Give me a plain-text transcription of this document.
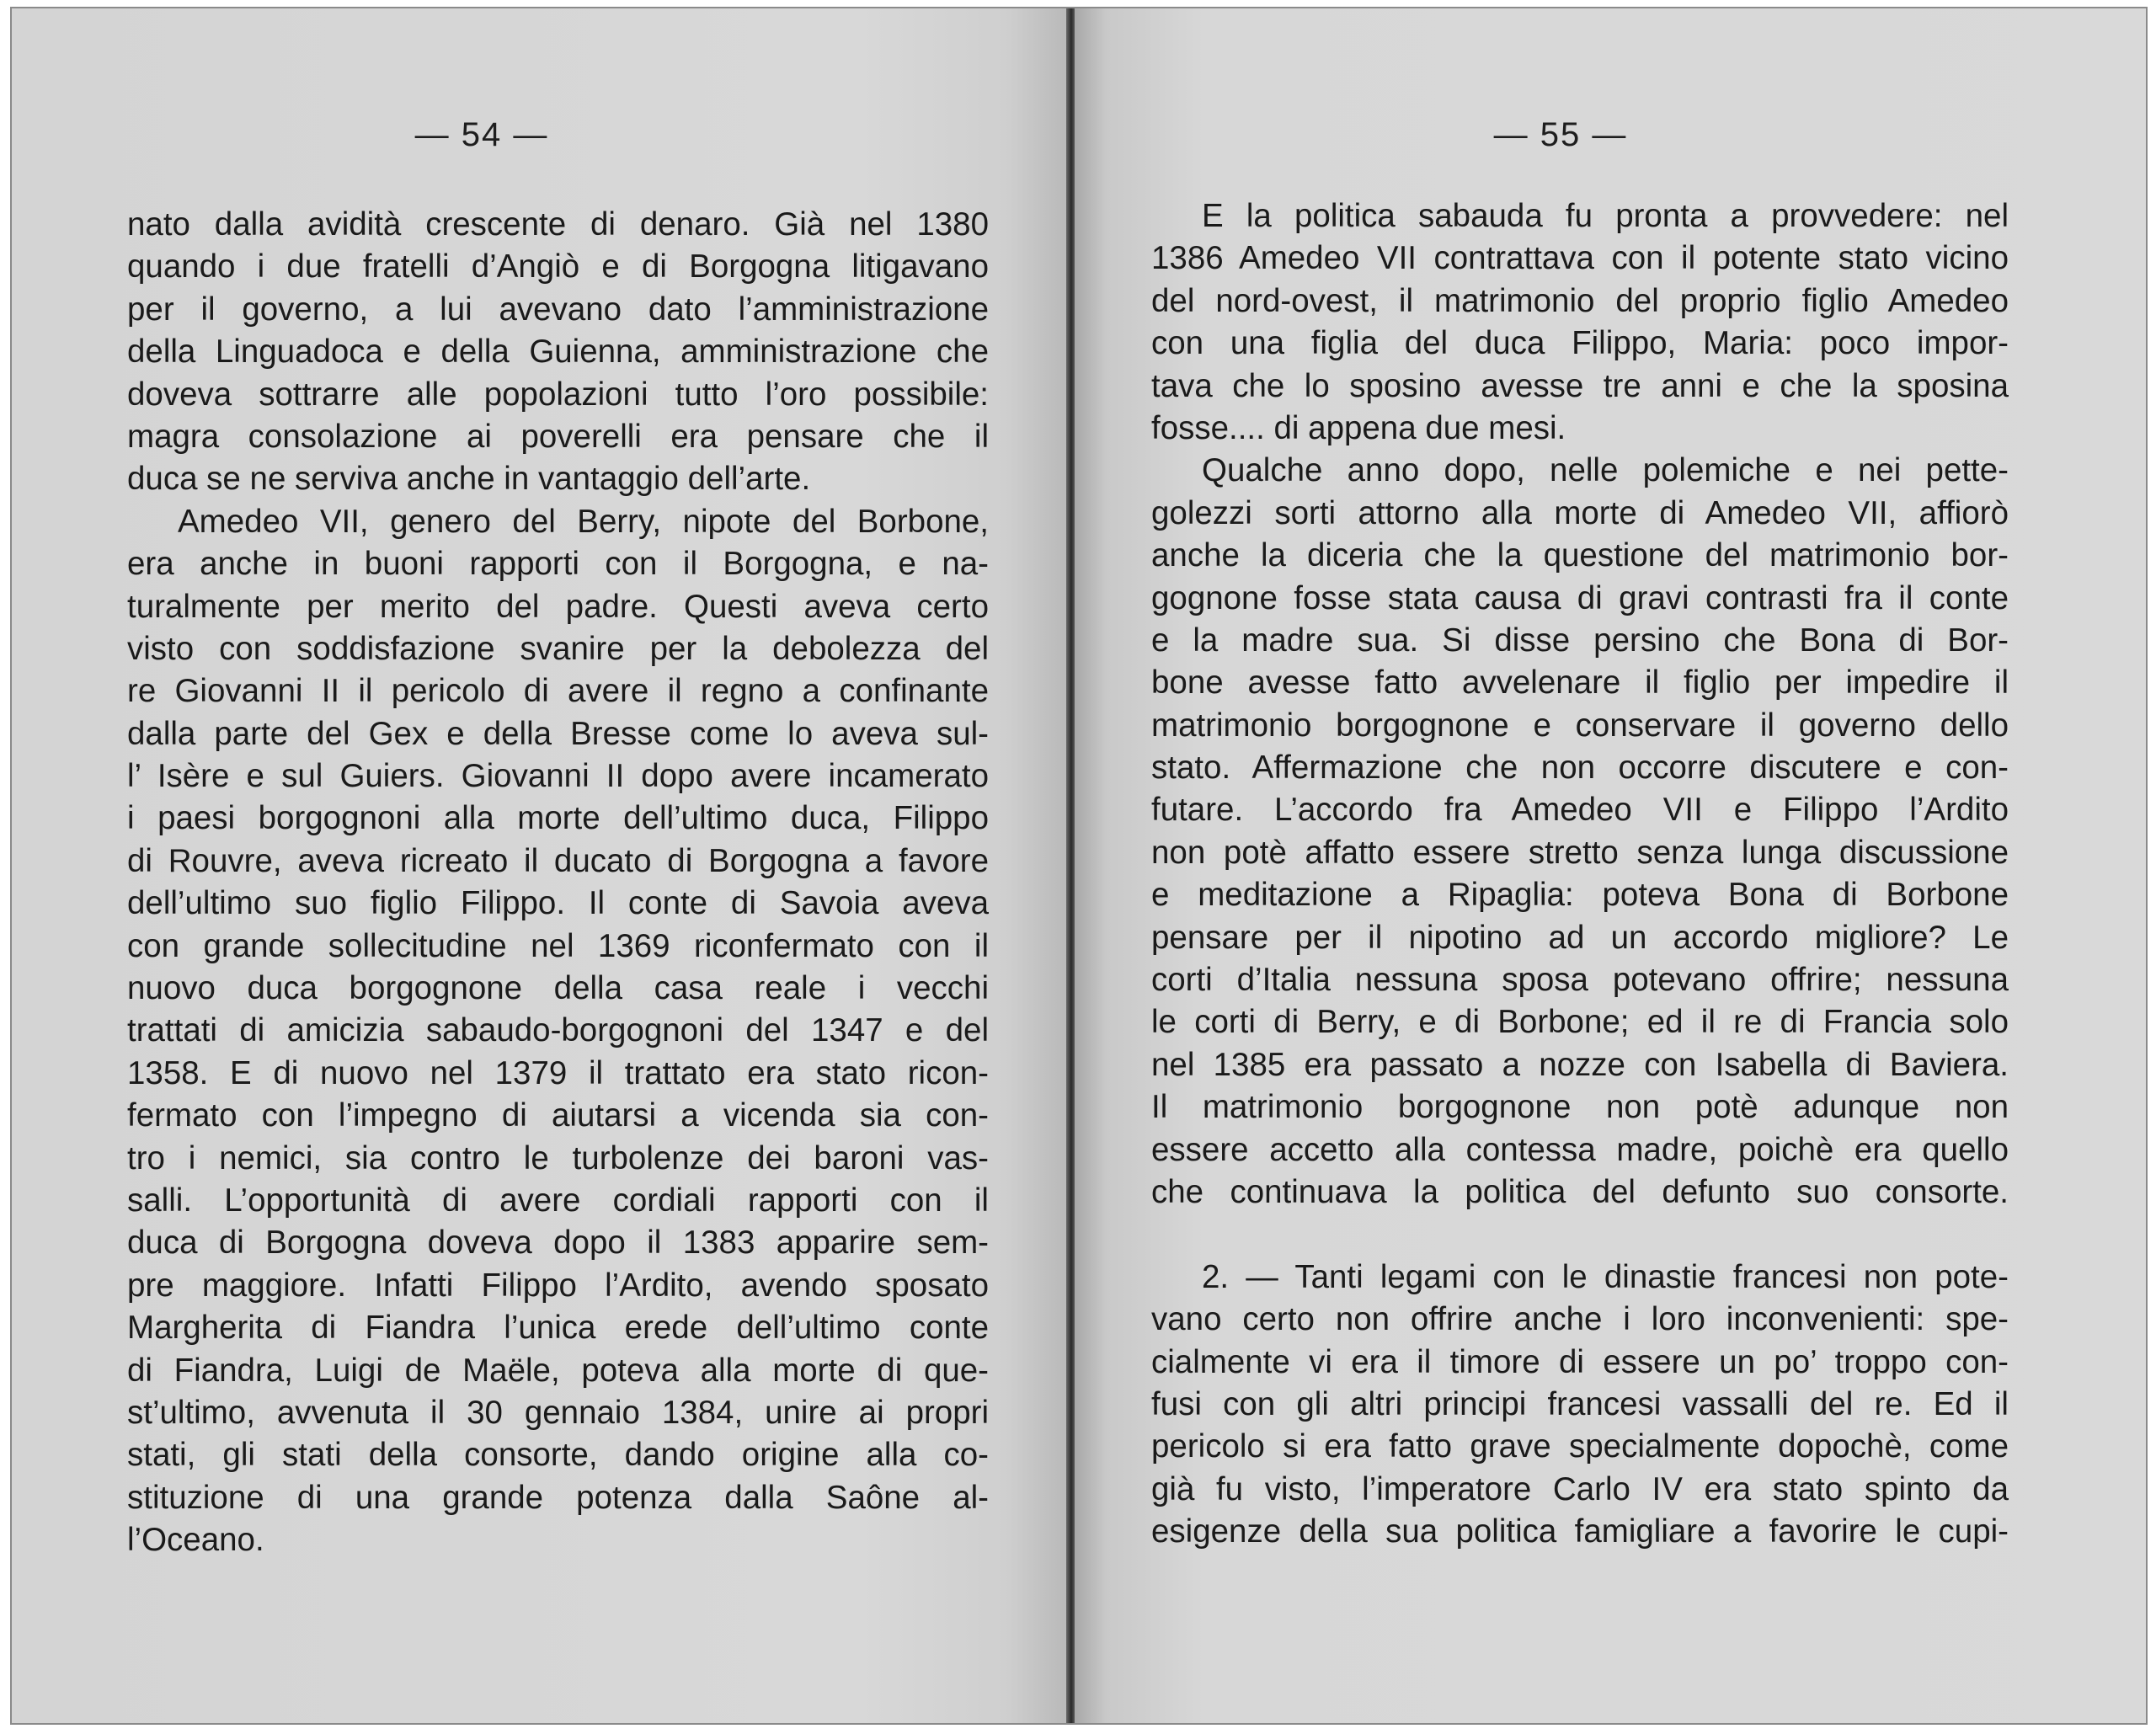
— 54 —
nato dalla avidità crescente di denaro. Già nel 1380
quando i due fratelli d’Angiò e di Borgogna litigavano
per il governo, a lui avevano dato l’amministrazione
della Linguadoca e della Guienna, amministrazione che
doveva sottrarre alle popolazioni tutto l’oro possibile:
magra consolazione ai poverelli era pensare che il
duca se ne serviva anche in vantaggio dell’arte.
Amedeo VII, genero del Berry, nipote del Borbone,
era anche in buoni rapporti con il Borgogna, e na-
turalmente per merito del padre. Questi aveva certo
visto con soddisfazione svanire per la debolezza del
re Giovanni II il pericolo di avere il regno a confinante
dalla parte del Gex e della Bresse come lo aveva sul-
l’ Isère e sul Guiers. Giovanni II dopo avere incamerato
i paesi borgognoni alla morte dell’ultimo duca, Filippo
di Rouvre, aveva ricreato il ducato di Borgogna a favore
dell’ultimo suo figlio Filippo. Il conte di Savoia aveva
con grande sollecitudine nel 1369 riconfermato con il
nuovo duca borgognone della casa reale i vecchi
trattati di amicizia sabaudo-borgognoni del 1347 e del
1358. E di nuovo nel 1379 il trattato era stato ricon-
fermato con l’impegno di aiutarsi a vicenda sia con-
tro i nemici, sia contro le turbolenze dei baroni vas-
salli. L’opportunità di avere cordiali rapporti con il
duca di Borgogna doveva dopo il 1383 apparire sem-
pre maggiore. Infatti Filippo l’Ardito, avendo sposato
Margherita di Fiandra l’unica erede dell’ultimo conte
di Fiandra, Luigi de Maële, poteva alla morte di que-
st’ultimo, avvenuta il 30 gennaio 1384, unire ai propri
stati, gli stati della consorte, dando origine alla co-
stituzione di una grande potenza dalla Saône al-
l’Oceano.
— 55 —
E la politica sabauda fu pronta a provvedere: nel
1386 Amedeo VII contrattava con il potente stato vicino
del nord-ovest, il matrimonio del proprio figlio Amedeo
con una figlia del duca Filippo, Maria: poco impor-
tava che lo sposino avesse tre anni e che la sposina
fosse.... di appena due mesi.
Qualche anno dopo, nelle polemiche e nei pette-
golezzi sorti attorno alla morte di Amedeo VII, affiorò
anche la diceria che la questione del matrimonio bor-
gognone fosse stata causa di gravi contrasti fra il conte
e la madre sua. Si disse persino che Bona di Bor-
bone avesse fatto avvelenare il figlio per impedire il
matrimonio borgognone e conservare il governo dello
stato. Affermazione che non occorre discutere e con-
futare. L’accordo fra Amedeo VII e Filippo l’Ardito
non potè affatto essere stretto senza lunga discussione
e meditazione a Ripaglia: poteva Bona di Borbone
pensare per il nipotino ad un accordo migliore? Le
corti d’Italia nessuna sposa potevano offrire; nessuna
le corti di Berry, e di Borbone; ed il re di Francia solo
nel 1385 era passato a nozze con Isabella di Baviera.
Il matrimonio borgognone non potè adunque non
essere accetto alla contessa madre, poichè era quello
che continuava la politica del defunto suo consorte.
2. — Tanti legami con le dinastie francesi non pote-
vano certo non offrire anche i loro inconvenienti: spe-
cialmente vi era il timore di essere un po’ troppo con-
fusi con gli altri principi francesi vassalli del re. Ed il
pericolo si era fatto grave specialmente dopochè, come
già fu visto, l’imperatore Carlo IV era stato spinto da
esigenze della sua politica famigliare a favorire le cupi-
